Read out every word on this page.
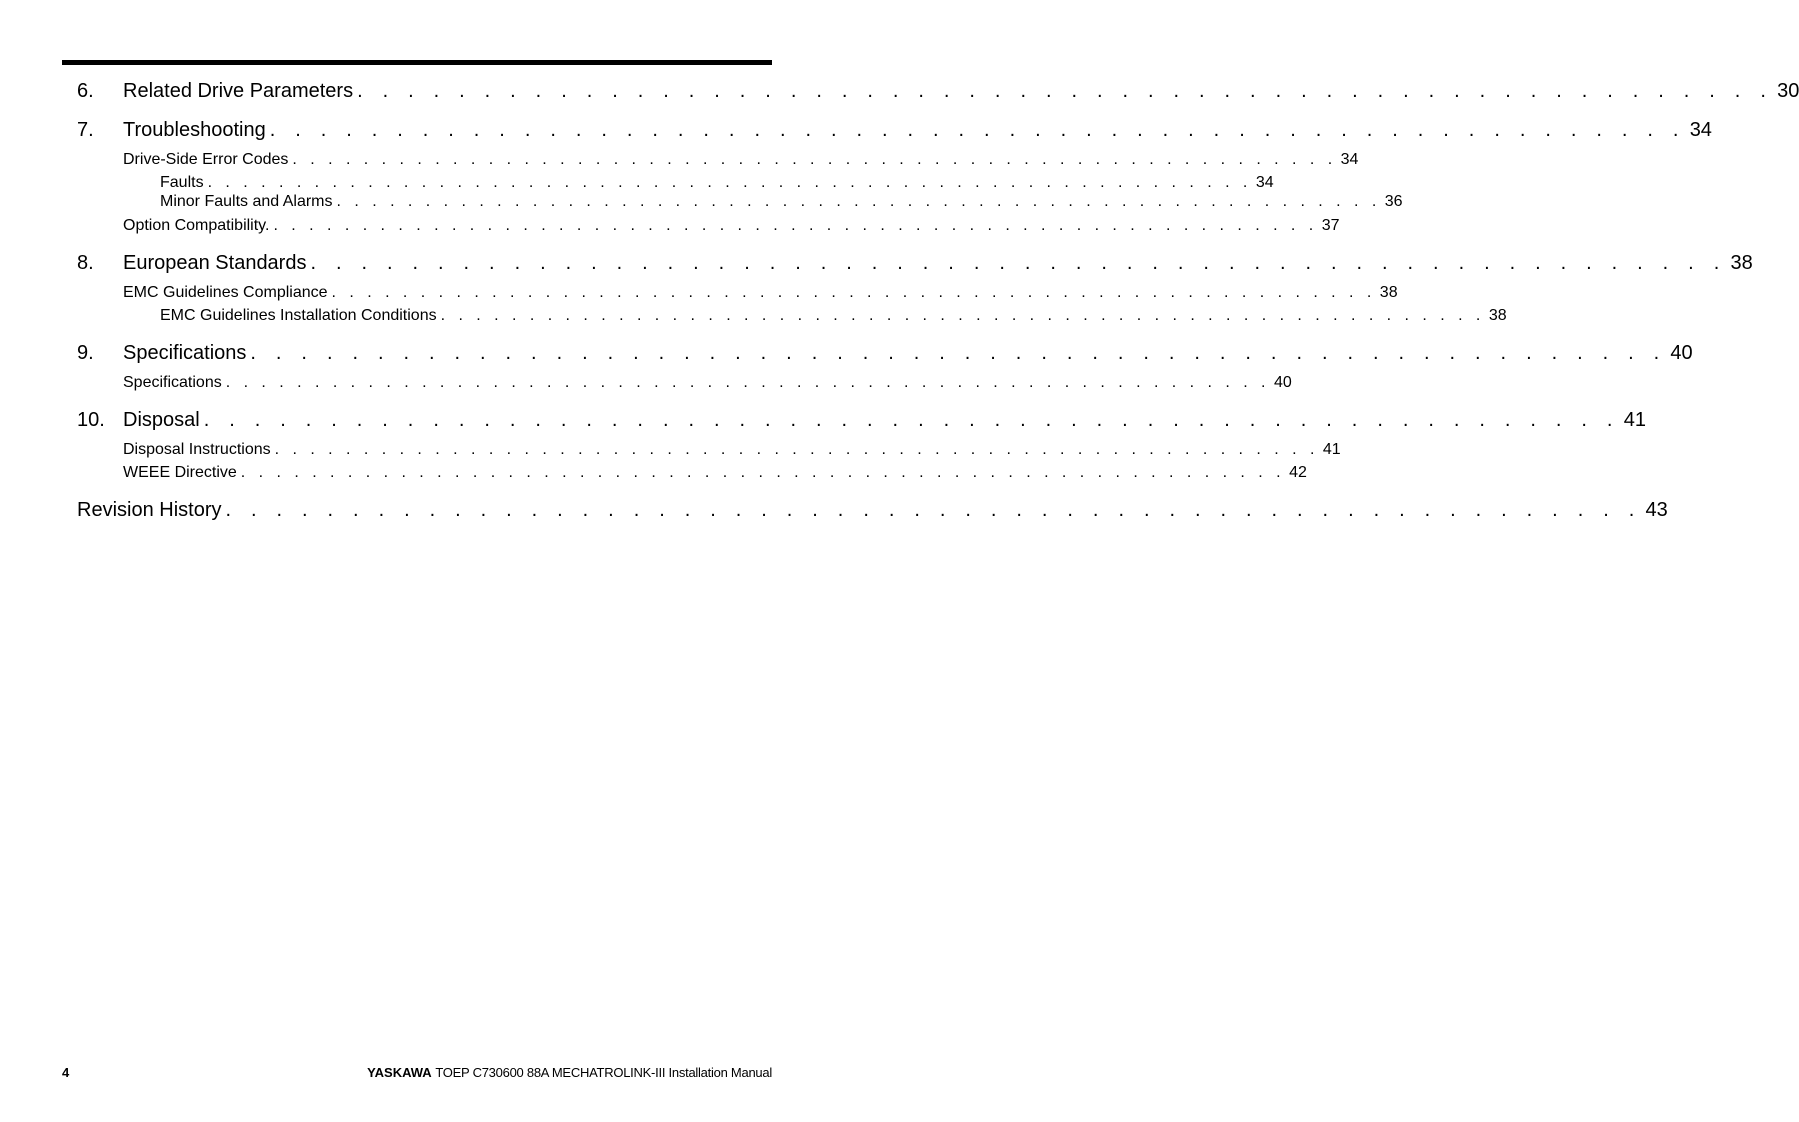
6.	Related Drive Parameters . . . . . . . . . . . . . . . . . . . . . . . . . . . . . . . . . . . . . . . . . . . . . . . . . . . . . . . . 30
7.	Troubleshooting . . . . . . . . . . . . . . . . . . . . . . . . . . . . . . . . . . . . . . . . . . . . . . . . . . . . . . . . 34
Drive-Side Error Codes . . . . . . . . . . . . . . . . . . . . . . . . . . . . . . . . . . . . . . . . . . . . . . . . . . . . . . . . . . . 34
Faults . . . . . . . . . . . . . . . . . . . . . . . . . . . . . . . . . . . . . . . . . . . . . . . . . . . . . . . . . . . 34
Minor Faults and Alarms . . . . . . . . . . . . . . . . . . . . . . . . . . . . . . . . . . . . . . . . . . . . . . . . . . . . . . . . . . . 36
Option Compatibility. . . . . . . . . . . . . . . . . . . . . . . . . . . . . . . . . . . . . . . . . . . . . . . . . . . . . . . . . . . . 37
8.	European Standards . . . . . . . . . . . . . . . . . . . . . . . . . . . . . . . . . . . . . . . . . . . . . . . . . . . . . . . . 38
EMC Guidelines Compliance . . . . . . . . . . . . . . . . . . . . . . . . . . . . . . . . . . . . . . . . . . . . . . . . . . . . . . . . . . . 38
EMC Guidelines Installation Conditions . . . . . . . . . . . . . . . . . . . . . . . . . . . . . . . . . . . . . . . . . . . . . . . . . . . . . . . . . . . 38
9.	Specifications . . . . . . . . . . . . . . . . . . . . . . . . . . . . . . . . . . . . . . . . . . . . . . . . . . . . . . . . 40
Specifications . . . . . . . . . . . . . . . . . . . . . . . . . . . . . . . . . . . . . . . . . . . . . . . . . . . . . . . . . . . 40
10. Disposal . . . . . . . . . . . . . . . . . . . . . . . . . . . . . . . . . . . . . . . . . . . . . . . . . . . . . . . . 41
Disposal Instructions . . . . . . . . . . . . . . . . . . . . . . . . . . . . . . . . . . . . . . . . . . . . . . . . . . . . . . . . . . . 41
WEEE Directive . . . . . . . . . . . . . . . . . . . . . . . . . . . . . . . . . . . . . . . . . . . . . . . . . . . . . . . . . . . 42
Revision History . . . . . . . . . . . . . . . . . . . . . . . . . . . . . . . . . . . . . . . . . . . . . . . . . . . . . . . . 43
4	YASKAWA TOEP C730600 88A MECHATROLINK-III Installation Manual
